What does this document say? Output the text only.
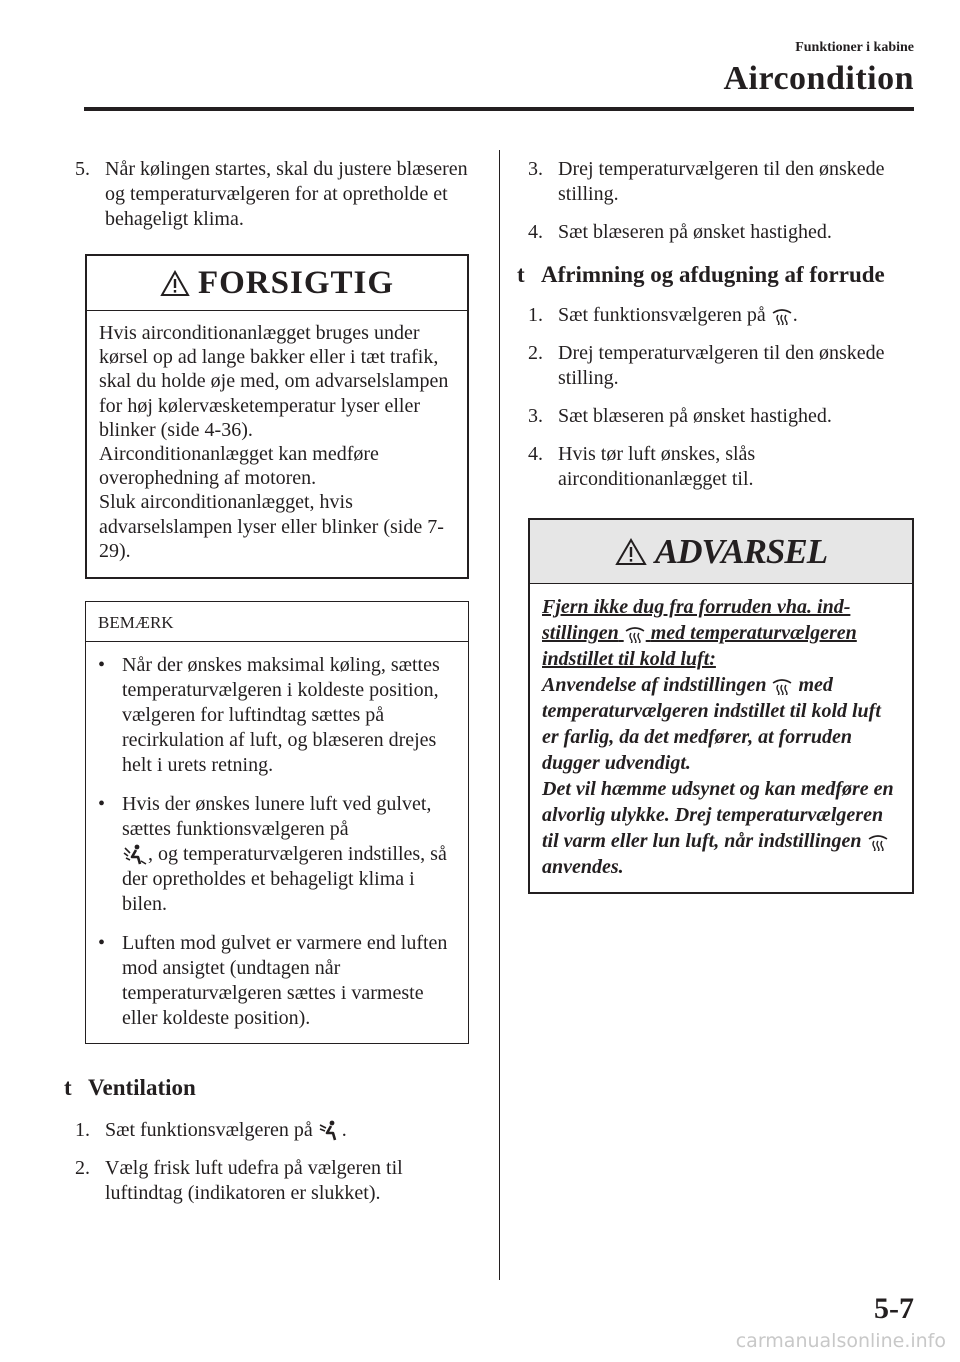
Funktioner i kabine
Aircondition
5. Når kølingen startes, skal du justere blæseren og temperaturvælgeren for at opretholde et behageligt klima.
FORSIGTIG
Hvis airconditionanlægget bruges under kørsel op ad lange bakker eller i tæt trafik, skal du holde øje med, om advarselslampen for høj kølervæsketemperatur lyser eller blinker (side 4-36).
Airconditionanlægget kan medføre overophedning af motoren.
Sluk airconditionanlægget, hvis advarselslampen lyser eller blinker (side 7-29).
BEMÆRK
• Når der ønskes maksimal køling, sættes temperaturvælgeren i koldeste position, vælgeren for luftindtag sættes på recirkulation af luft, og blæseren drejes helt i urets retning.
• Hvis der ønskes lunere luft ved gulvet, sættes funktionsvælgeren på
, og temperaturvælgeren indstilles, så der opretholdes et behageligt klima i bilen.
• Luften mod gulvet er varmere end luften mod ansigtet (undtagen når temperaturvælgeren sættes i varmeste eller koldeste position).
t Ventilation
1. Sæt funktionsvælgeren på .
2. Vælg frisk luft udefra på vælgeren til luftindtag (indikatoren er slukket).
3. Drej temperaturvælgeren til den ønskede stilling.
4. Sæt blæseren på ønsket hastighed.
t Afrimning og afdugning af forrude
1. Sæt funktionsvælgeren på .
2. Drej temperaturvælgeren til den ønskede stilling.
3. Sæt blæseren på ønsket hastighed.
4. Hvis tør luft ønskes, slås airconditionanlægget til.
ADVARSEL
Fjern ikke dug fra forruden vha. ind-stillingen med temperaturvælgeren indstillet til kold luft:
Anvendelse af indstillingen med temperaturvælgeren indstillet til kold luft er farlig, da det medfører, at forruden dugger udvendigt.
Det vil hæmme udsynet og kan medføre en alvorlig ulykke. Drej temperaturvælgeren til varm eller lun luft, når indstillingen  anvendes.
5-7
carmanualsonline.info
